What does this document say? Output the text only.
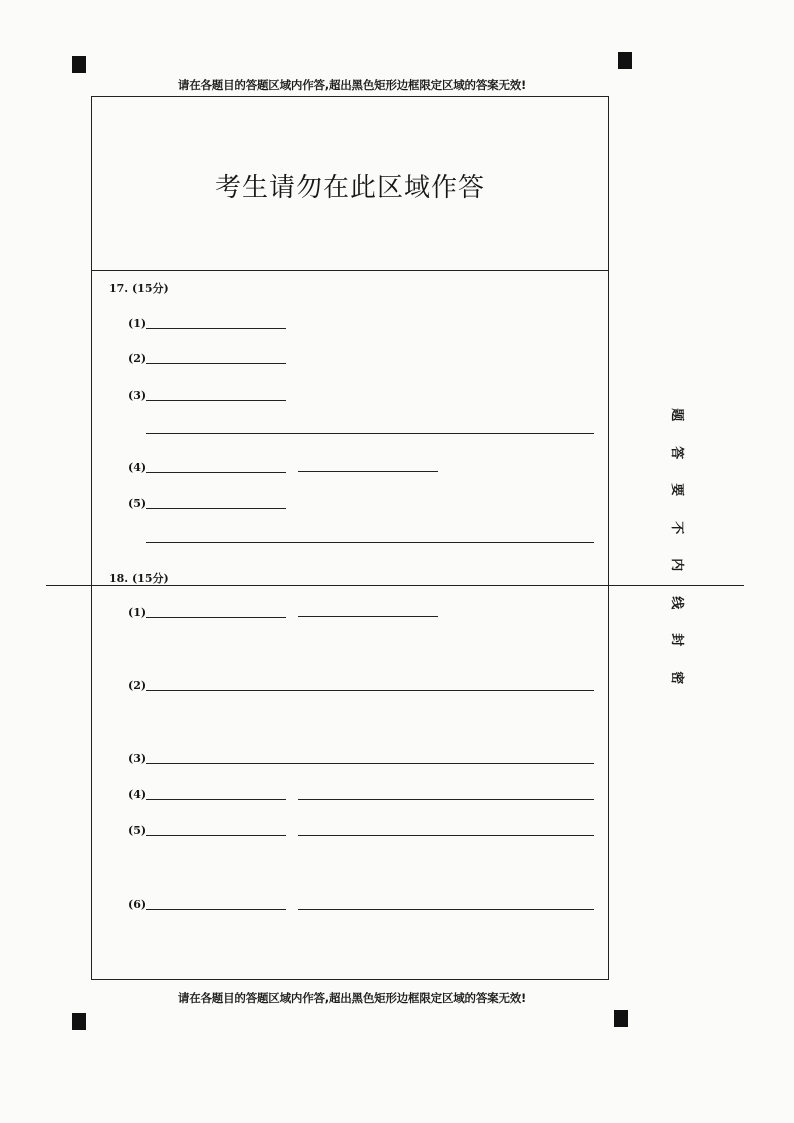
请在各题目的答题区域内作答,超出黑色矩形边框限定区域的答案无效!
考生请勿在此区域作答
17. (15分)
(1)
(2)
(3)
(4)
(5)
18. (15分)
(1)
(2)
(3)
(4)
(5)
(6)
题
答
要
不
内
线
封
密
请在各题目的答题区域内作答,超出黑色矩形边框限定区域的答案无效!
